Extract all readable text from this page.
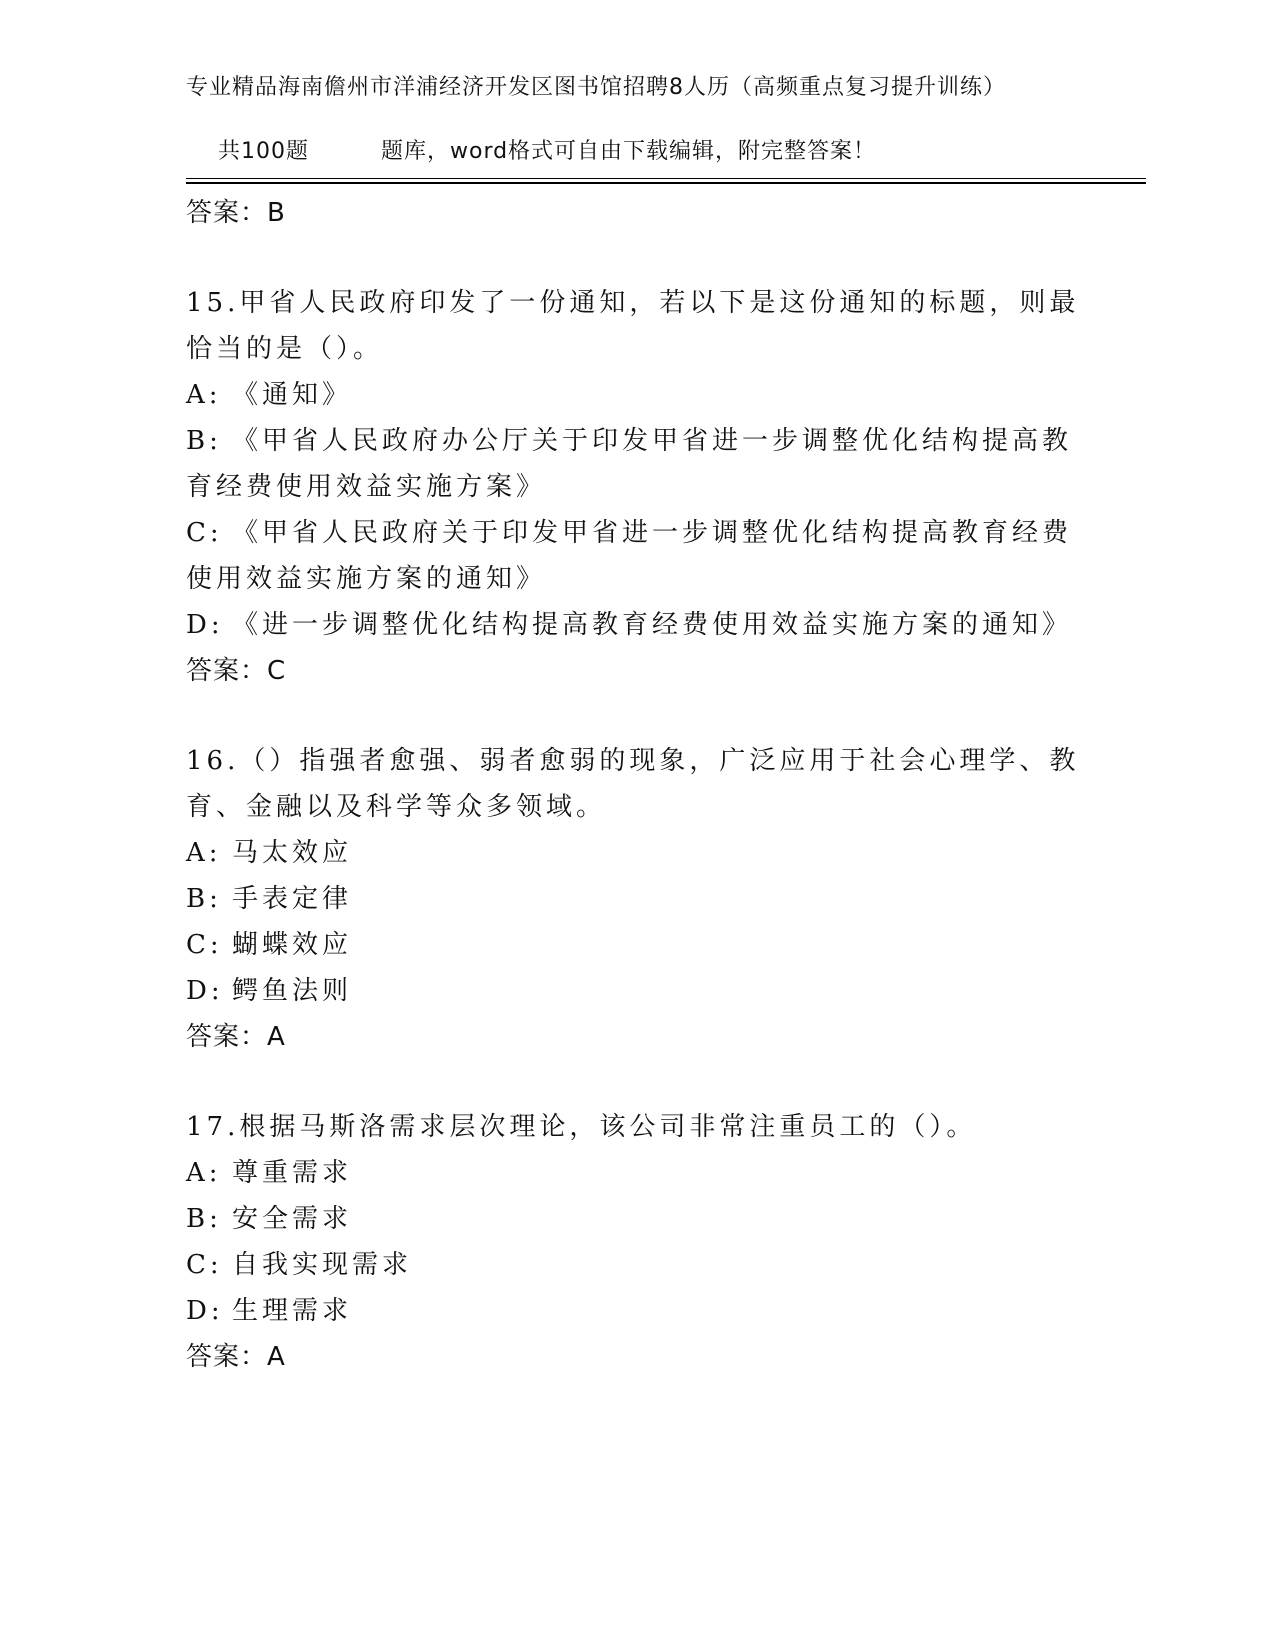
专业精品海南儋州市洋浦经济开发区图书馆招聘8人历（高频重点复习提升训练）

共100题	题库，word格式可自由下载编辑，附完整答案！

答案：B
15.甲省人民政府印发了一份通知，若以下是这份通知的标题，则最恰当的是（）。
A: 《通知》
B: 《甲省人民政府办公厅关于印发甲省进一步调整优化结构提高教育经费使用效益实施方案》
C: 《甲省人民政府关于印发甲省进一步调整优化结构提高教育经费使用效益实施方案的通知》
D: 《进一步调整优化结构提高教育经费使用效益实施方案的通知》
答案：C
16.（）指强者愈强、弱者愈弱的现象，广泛应用于社会心理学、教育、金融以及科学等众多领域。
A: 马太效应
B: 手表定律
C: 蝴蝶效应
D: 鳄鱼法则
答案：A
17.根据马斯洛需求层次理论，该公司非常注重员工的（）。
A: 尊重需求
B: 安全需求
C: 自我实现需求
D: 生理需求
答案：A
